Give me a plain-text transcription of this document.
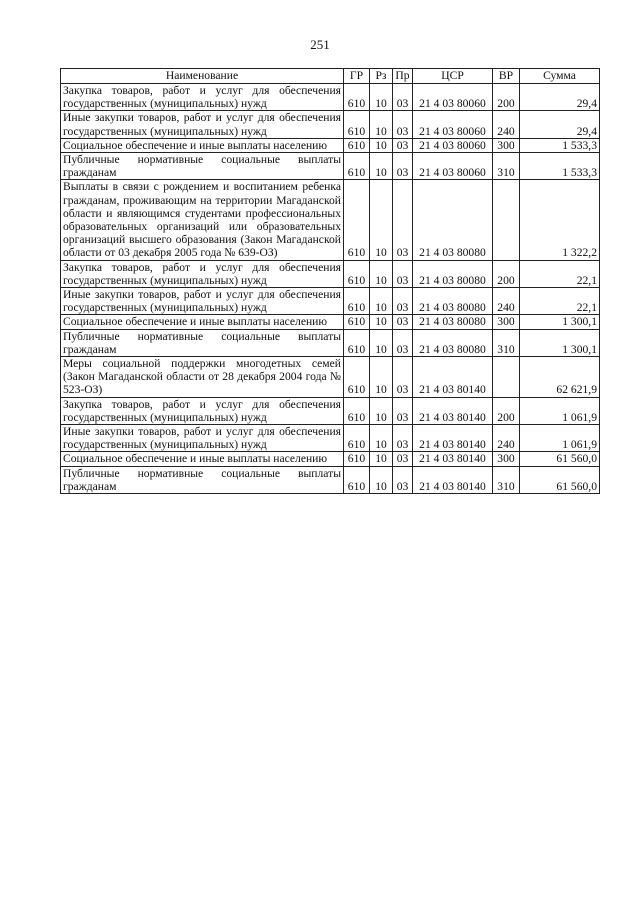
251
Наименование	ГР	Рз	Пр	ЦСР	ВР	Сумма
Закупка товаров, работ и услуг для обеспечения государственных (муниципальных) нужд	610	10	03	21 4 03 80060	200	29,4
Иные закупки товаров, работ и услуг для обеспечения государственных (муниципальных) нужд	610	10	03	21 4 03 80060	240	29,4
Социальное обеспечение и иные выплаты населению	610	10	03	21 4 03 80060	300	1 533,3
Публичные нормативные социальные выплаты гражданам	610	10	03	21 4 03 80060	310	1 533,3
Выплаты в связи с рождением и воспитанием ребенка гражданам, проживающим на территории Магаданской области и являющимся студентами профессиональных образовательных организаций или образовательных организаций высшего образования (Закон Магаданской области от 03 декабря 2005 года № 639-ОЗ)	610	10	03	21 4 03 80080		1 322,2
Закупка товаров, работ и услуг для обеспечения государственных (муниципальных) нужд	610	10	03	21 4 03 80080	200	22,1
Иные закупки товаров, работ и услуг для обеспечения государственных (муниципальных) нужд	610	10	03	21 4 03 80080	240	22,1
Социальное обеспечение и иные выплаты населению	610	10	03	21 4 03 80080	300	1 300,1
Публичные нормативные социальные выплаты гражданам	610	10	03	21 4 03 80080	310	1 300,1
Меры социальной поддержки многодетных семей (Закон Магаданской области от 28 декабря 2004 года № 523-ОЗ)	610	10	03	21 4 03 80140		62 621,9
Закупка товаров, работ и услуг для обеспечения государственных (муниципальных) нужд	610	10	03	21 4 03 80140	200	1 061,9
Иные закупки товаров, работ и услуг для обеспечения государственных (муниципальных) нужд	610	10	03	21 4 03 80140	240	1 061,9
Социальное обеспечение и иные выплаты населению	610	10	03	21 4 03 80140	300	61 560,0
Публичные нормативные социальные выплаты гражданам	610	10	03	21 4 03 80140	310	61 560,0
